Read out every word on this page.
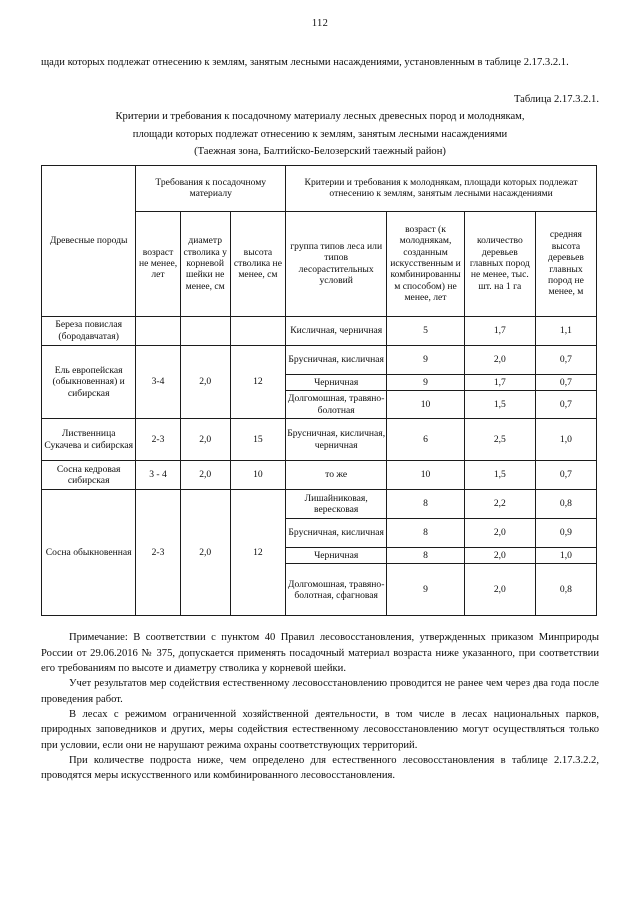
112

щади которых подлежат отнесению к землям, занятым лесными насаждениями, установленным в таблице 2.17.3.2.1.

Таблица 2.17.3.2.1.
Критерии и требования к посадочному материалу лесных древесных пород и молоднякам,
площади которых подлежат отнесению к землям, занятым лесными насаждениями
(Таежная зона, Балтийско-Белозерский таежный район)
Древесные породы	Требования к посадочному материалу			Критерии и требования к молоднякам, площади которых подлежат отнесению к землям, занятым лесными насаждениями			
	возраст не менее, лет	диаметр стволика у корневой шейки не менее, см	высота стволика не менее, см	группа типов леса или типов лесорастительных условий	возраст (к молоднякам, созданным искусственным и комбинированным способом) не менее, лет	количество деревьев главных пород не менее, тыс. шт. на 1 га	средняя высота деревьев главных пород не менее, м
Береза повислая (бородавчатая)				Кисличная, черничная	5	1,7	1,1
Ель европейская (обыкновенная) и сибирская	3-4	2,0	12	Брусничная, кисличная	9	2,0	0,7
				Черничная	9	1,7	0,7
				Долгомошная, травяно-болотная	10	1,5	0,7
Лиственница Сукачева и сибирская	2-3	2,0	15	Брусничная, кисличная, черничная	6	2,5	1,0
Сосна кедровая сибирская	3 - 4	2,0	10	то же	10	1,5	0,7
Сосна обыкновенная	2-3	2,0	12	Лишайниковая, вересковая	8	2,2	0,8
				Брусничная, кисличная	8	2,0	0,9
				Черничная	8	2,0	1,0
				Долгомошная, травяно-болотная, сфагновая	9	2,0	0,8

Примечание: В соответствии с пунктом 40 Правил лесовосстановления, утвержденных приказом Минприроды России от 29.06.2016 № 375, допускается применять посадочный материал возраста ниже указанного, при соответствии его требованиям по высоте и диаметру стволика у корневой шейки.

Учет результатов мер содействия естественному лесовосстановлению проводится не ранее чем через два года после проведения работ.

В лесах с режимом ограниченной хозяйственной деятельности, в том числе в лесах национальных парков, природных заповедников и других, меры содействия естественному лесовосстановлению могут осуществляться только при условии, если они не нарушают режима охраны соответствующих территорий.

При количестве подроста ниже, чем определено для естественного лесовосстановления в таблице 2.17.3.2.2, проводятся меры искусственного или комбинированного лесовосстановления.
